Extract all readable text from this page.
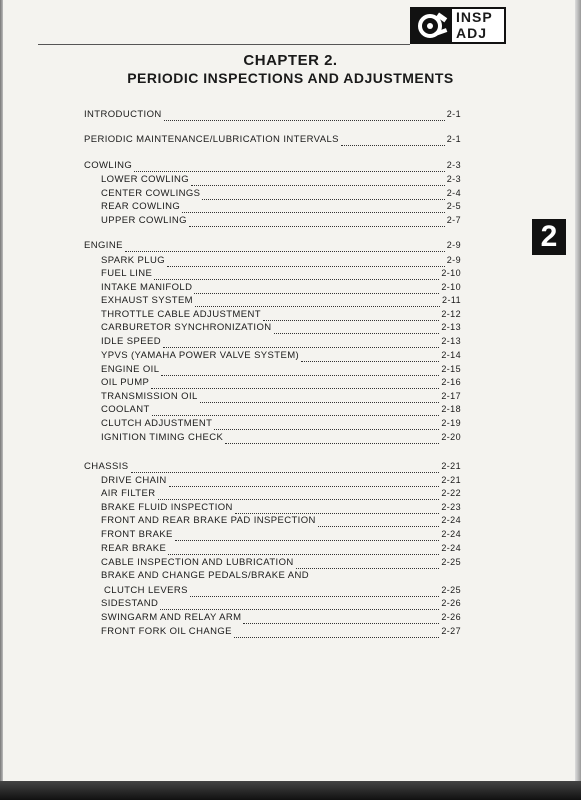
INSP
ADJ
CHAPTER 2.
PERIODIC INSPECTIONS AND ADJUSTMENTS
2
INTRODUCTION	2-1
PERIODIC MAINTENANCE/LUBRICATION INTERVALS	2-1
COWLING	2-3
LOWER COWLING	2-3
CENTER COWLINGS	2-4
REAR COWLING	2-5
UPPER COWLING	2-7
ENGINE	2-9
SPARK PLUG	2-9
FUEL LINE	2-10
INTAKE MANIFOLD	2-10
EXHAUST SYSTEM	2-11
THROTTLE CABLE ADJUSTMENT	2-12
CARBURETOR SYNCHRONIZATION	2-13
IDLE SPEED	2-13
YPVS (YAMAHA POWER VALVE SYSTEM)	2-14
ENGINE OIL	2-15
OIL PUMP	2-16
TRANSMISSION OIL	2-17
COOLANT	2-18
CLUTCH ADJUSTMENT	2-19
IGNITION TIMING CHECK	2-20
CHASSIS	2-21
DRIVE CHAIN	2-21
AIR FILTER	2-22
BRAKE FLUID INSPECTION	2-23
FRONT AND REAR BRAKE PAD INSPECTION	2-24
FRONT BRAKE	2-24
REAR BRAKE	2-24
CABLE INSPECTION AND LUBRICATION	2-25
BRAKE AND CHANGE PEDALS/BRAKE AND
CLUTCH LEVERS	2-25
SIDESTAND	2-26
SWINGARM AND RELAY ARM	2-26
FRONT FORK OIL CHANGE	2-27
